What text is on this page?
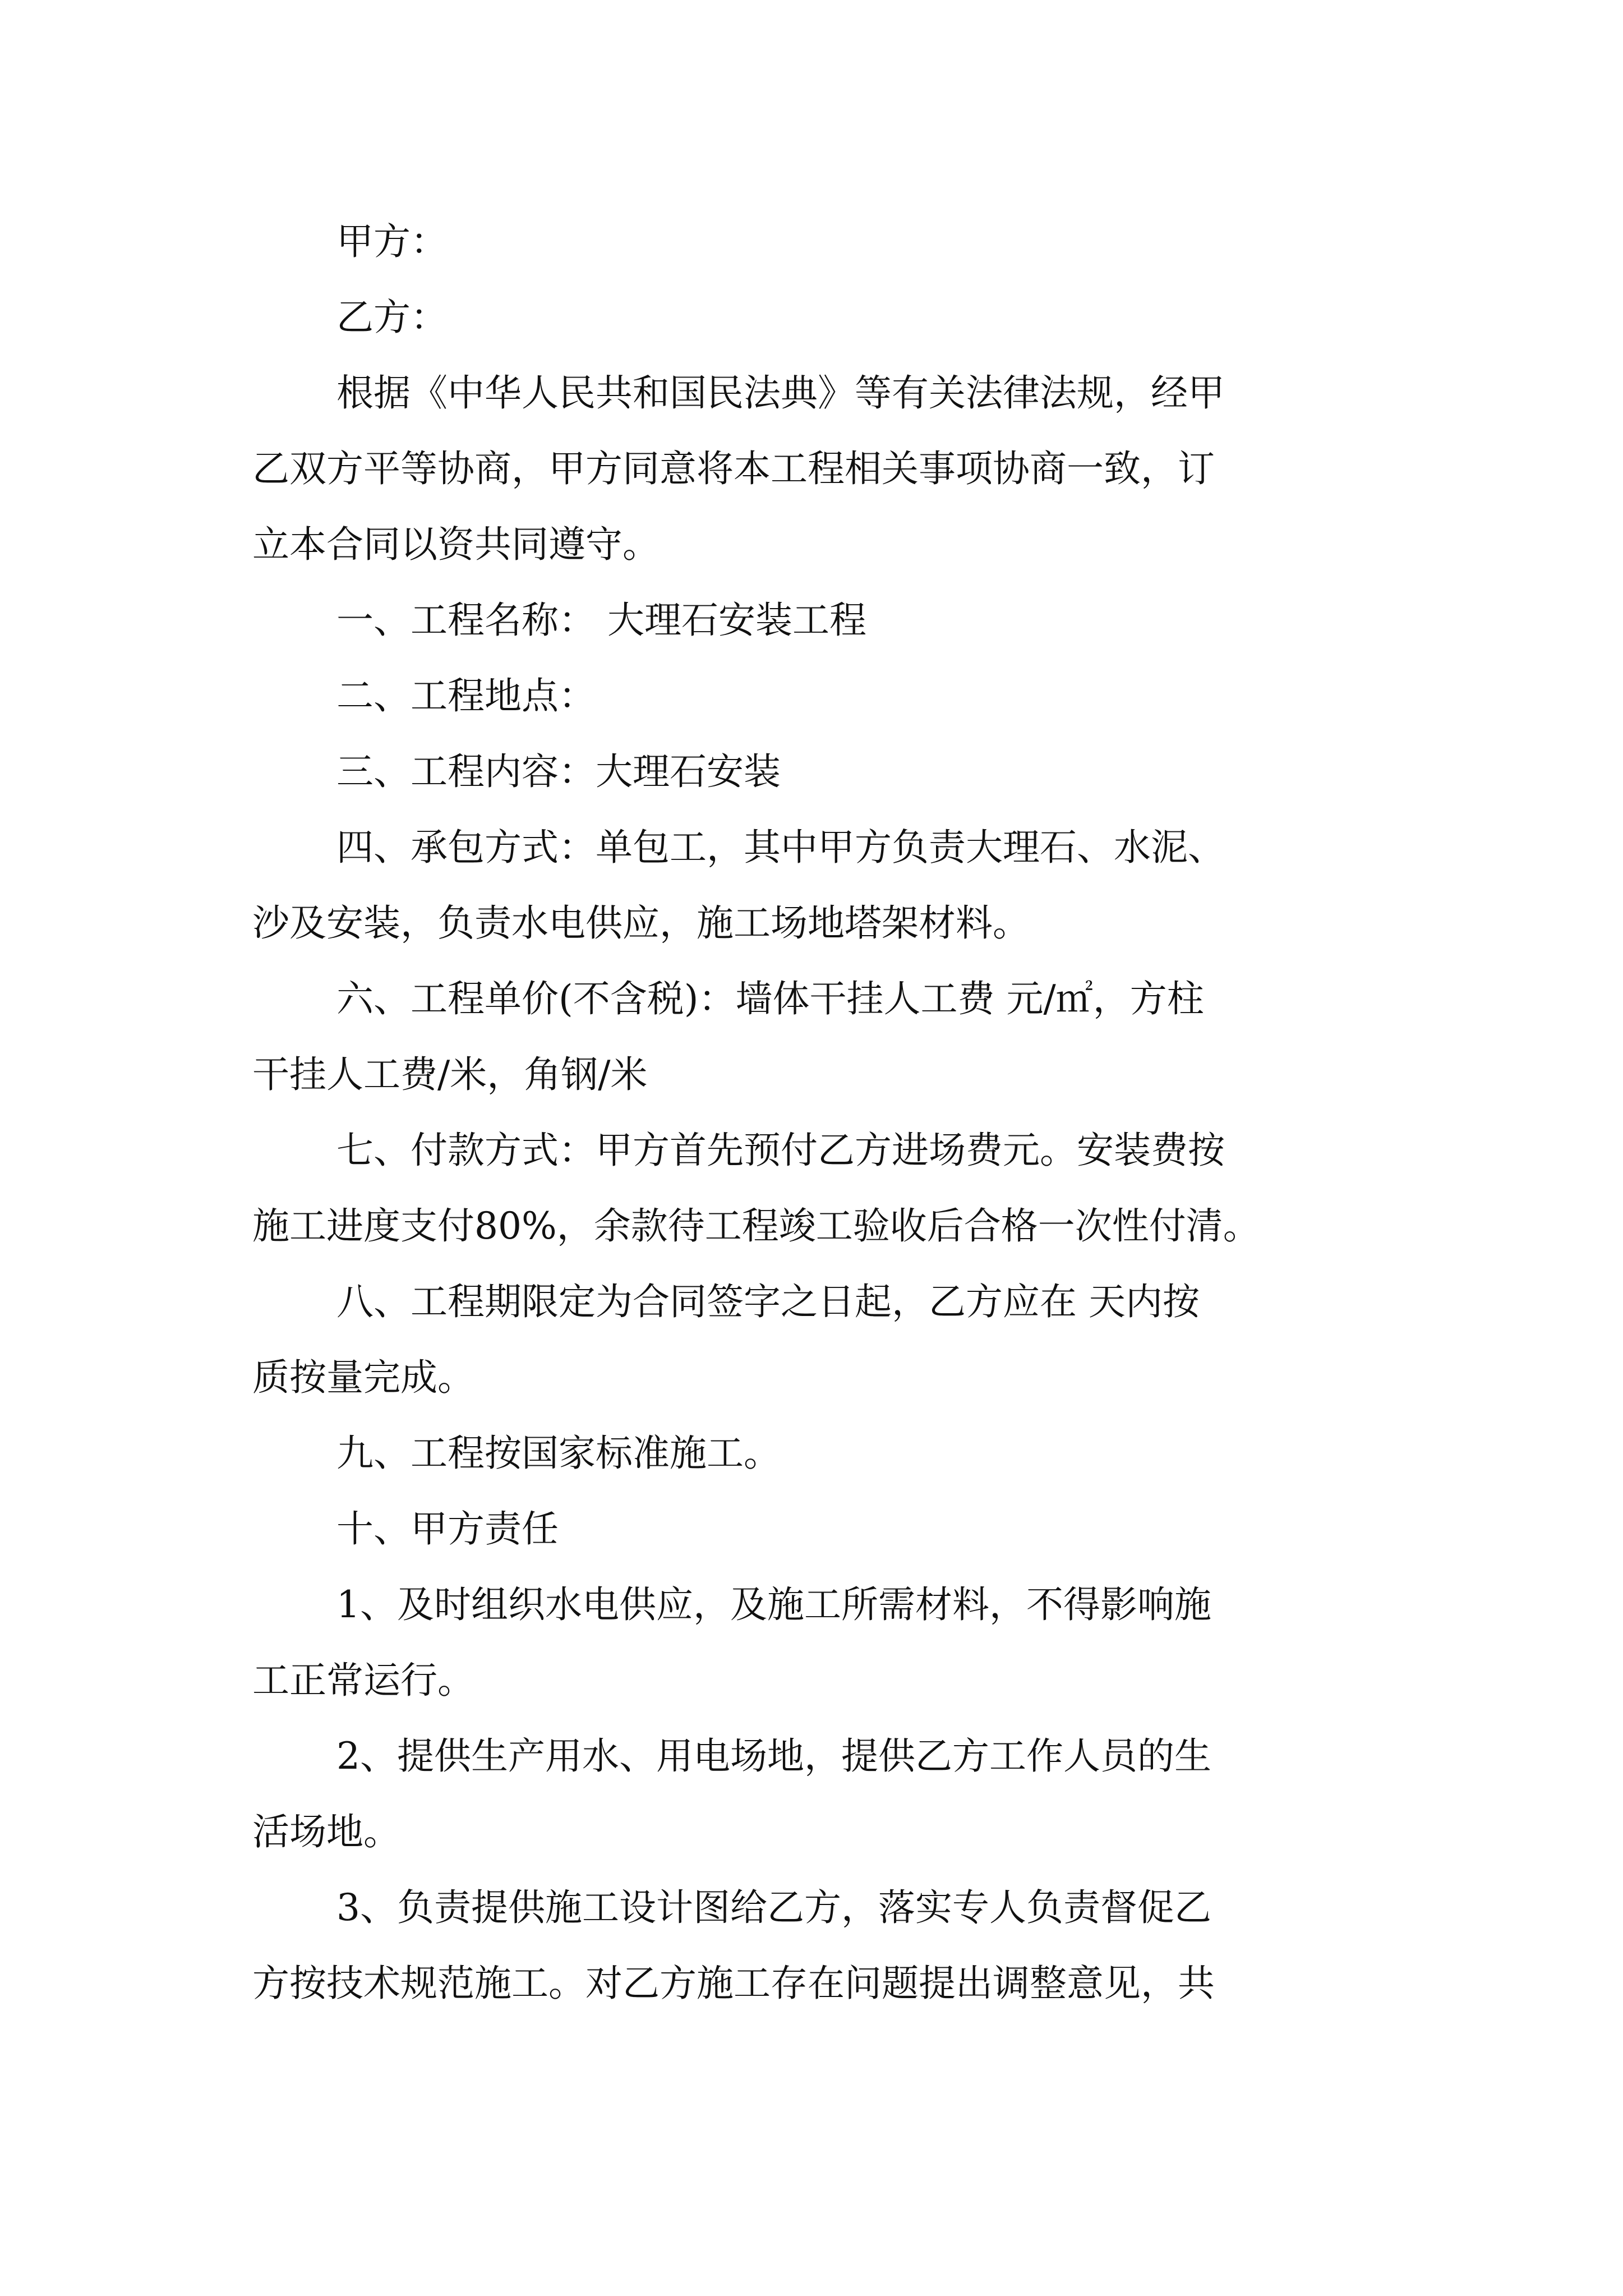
甲方：
乙方：
根据《中华人民共和国民法典》等有关法律法规，经甲
乙双方平等协商，甲方同意将本工程相关事项协商一致，订
立本合同以资共同遵守。
一、工程名称： 大理石安装工程
二、工程地点：
三、工程内容：大理石安装
四、承包方式：单包工，其中甲方负责大理石、水泥、
沙及安装，负责水电供应，施工场地塔架材料。
六、工程单价(不含税)：墙体干挂人工费 元/㎡，方柱
干挂人工费/米，角钢/米
七、付款方式：甲方首先预付乙方进场费元。安装费按
施工进度支付80%，余款待工程竣工验收后合格一次性付清。
八、工程期限定为合同签字之日起，乙方应在 天内按
质按量完成。
九、工程按国家标准施工。
十、甲方责任
1、及时组织水电供应，及施工所需材料，不得影响施
工正常运行。
2、提供生产用水、用电场地，提供乙方工作人员的生
活场地。
3、负责提供施工设计图给乙方，落实专人负责督促乙
方按技术规范施工。对乙方施工存在问题提出调整意见，共
